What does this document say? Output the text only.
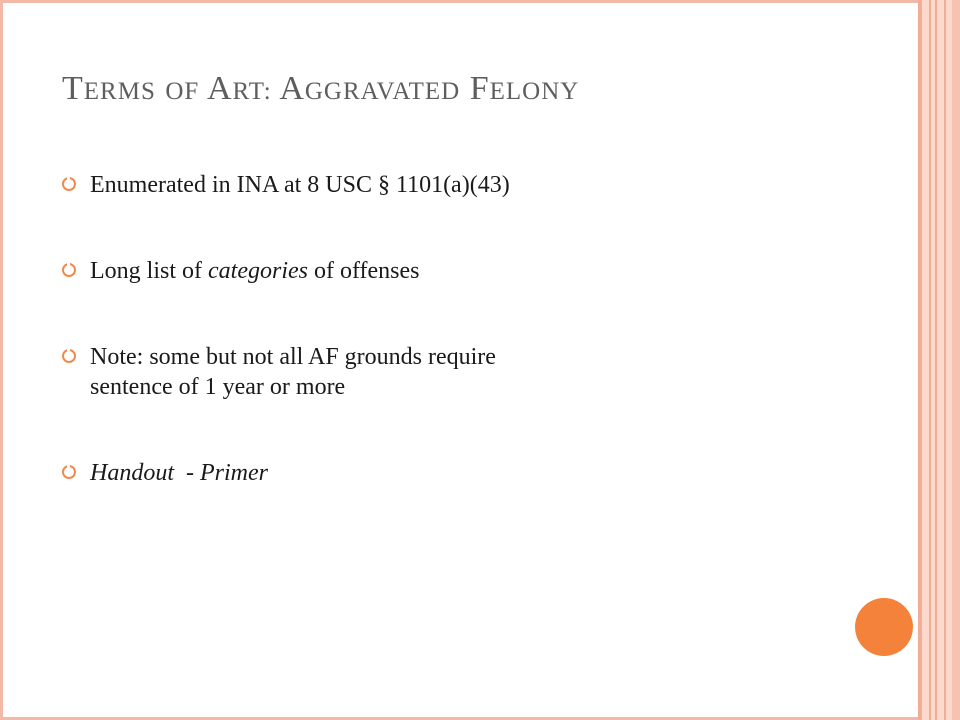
TERMS OF ART: AGGRAVATED FELONY
Enumerated in INA at 8 USC § 1101(a)(43)
Long list of categories of offenses
Note: some but not all AF grounds require
sentence of 1 year or more
Handout  - Primer
